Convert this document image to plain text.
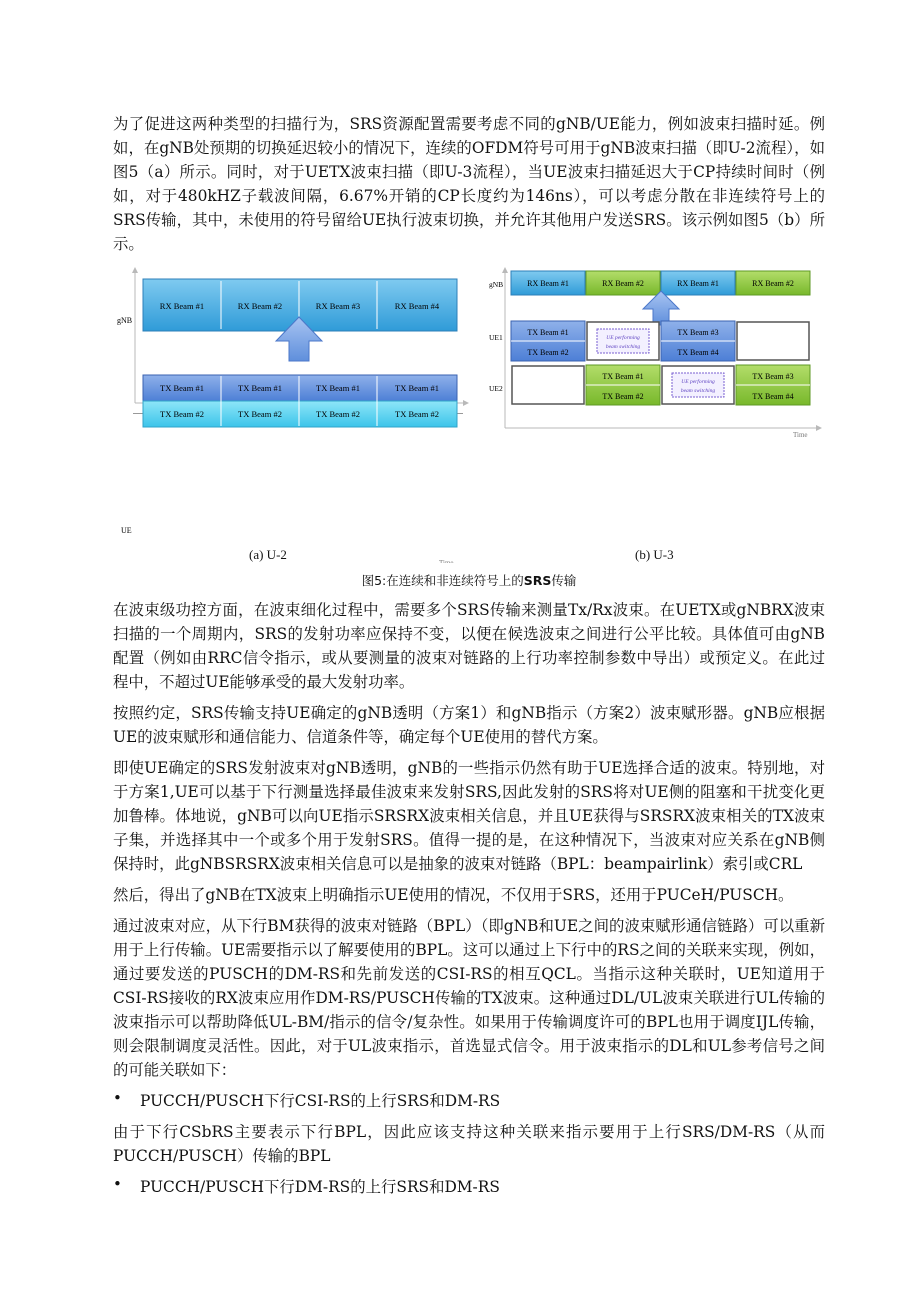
为了促进这两种类型的扫描行为，SRS资源配置需要考虑不同的gNB/UE能力，例如波束扫描时延。例如，在gNB处预期的切换延迟较小的情况下，连续的OFDM符号可用于gNB波束扫描（即U-2流程），如图5（a）所示。同时，对于UETX波束扫描（即U-3流程），当UE波束扫描延迟大于CP持续时间时（例如，对于480kHZ子载波间隔，6.67%开销的CP长度约为146ns），可以考虑分散在非连续符号上的SRS传输，其中，未使用的符号留给UE执行波束切换，并允许其他用户发送SRS。该示例如图5（b）所示。

gNB
UE
Time
RX Beam #1	RX Beam #2	RX Beam #3	RX Beam #4
TX Beam #1	TX Beam #1	TX Beam #1	TX Beam #1
TX Beam #2	TX Beam #2	TX Beam #2	TX Beam #2
gNB
UE1
UE2
Time
RX Beam #1	RX Beam #2	RX Beam #1	RX Beam #2
TX Beam #1
TX Beam #2
UE performing
beam switching
TX Beam #3
TX Beam #4
TX Beam #1
TX Beam #2
UE performing
beam switching
TX Beam #3
TX Beam #4
(a) U-2	(b) U-3
图5:在连续和非连续符号上的SRS传输

在波束级功控方面，在波束细化过程中，需要多个SRS传输来测量Tx/Rx波束。在UETX或gNBRX波束扫描的一个周期内，SRS的发射功率应保持不变，以便在候选波束之间进行公平比较。具体值可由gNB配置（例如由RRC信令指示，或从要测量的波束对链路的上行功率控制参数中导出）或预定义。在此过程中，不超过UE能够承受的最大发射功率。

按照约定，SRS传输支持UE确定的gNB透明（方案1）和gNB指示（方案2）波束赋形器。gNB应根据UE的波束赋形和通信能力、信道条件等，确定每个UE使用的替代方案。

即使UE确定的SRS发射波束对gNB透明，gNB的一些指示仍然有助于UE选择合适的波束。特别地，对于方案1,UE可以基于下行测量选择最佳波束来发射SRS,因此发射的SRS将对UE侧的阻塞和干扰变化更加鲁棒。体地说，gNB可以向UE指示SRSRX波束相关信息，并且UE获得与SRSRX波束相关的TX波束子集，并选择其中一个或多个用于发射SRS。值得一提的是，在这种情况下，当波束对应关系在gNB侧保持时，此gNBSRSRX波束相关信息可以是抽象的波束对链路（BPL：beampairlink）索引或CRL

然后，得出了gNB在TX波束上明确指示UE使用的情况，不仅用于SRS，还用于PUCeH/PUSCH。

通过波束对应，从下行BM获得的波束对链路（BPL）（即gNB和UE之间的波束赋形通信链路）可以重新用于上行传输。UE需要指示以了解要使用的BPL。这可以通过上下行中的RS之间的关联来实现，例如，通过要发送的PUSCH的DM-RS和先前发送的CSI-RS的相互QCL。当指示这种关联时，UE知道用于CSI-RS接收的RX波束应用作DM-RS/PUSCH传输的TX波束。这种通过DL/UL波束关联进行UL传输的波束指示可以帮助降低UL-BM/指示的信令/复杂性。如果用于传输调度许可的BPL也用于调度IJL传输，则会限制调度灵活性。因此，对于UL波束指示，首选显式信令。用于波束指示的DL和UL参考信号之间的可能关联如下：

•	PUCCH/PUSCH下行CSI-RS的上行SRS和DM-RS

由于下行CSbRS主要表示下行BPL，因此应该支持这种关联来指示要用于上行SRS/DM-RS（从而PUCCH/PUSCH）传输的BPL

•	PUCCH/PUSCH下行DM-RS的上行SRS和DM-RS
